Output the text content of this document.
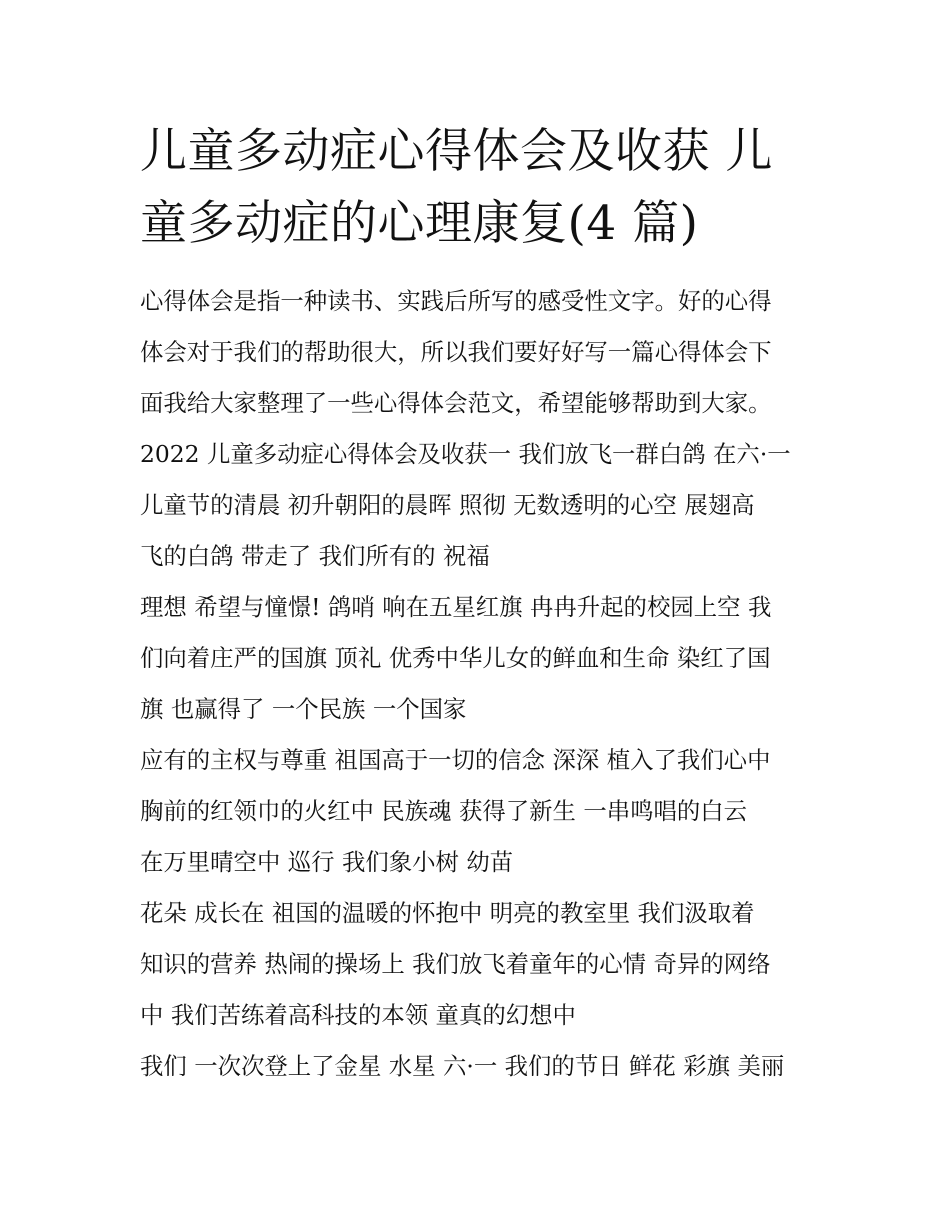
儿童多动症心得体会及收获 儿
童多动症的心理康复(4 篇)
心得体会是指一种读书、实践后所写的感受性文字。好的心得
体会对于我们的帮助很大，所以我们要好好写一篇心得体会下
面我给大家整理了一些心得体会范文，希望能够帮助到大家。
2022 儿童多动症心得体会及收获一 我们放飞一群白鸽 在六·一
儿童节的清晨 初升朝阳的晨晖 照彻 无数透明的心空 展翅高
飞的白鸽 带走了 我们所有的 祝福
理想 希望与憧憬! 鸽哨 响在五星红旗 冉冉升起的校园上空 我
们向着庄严的国旗 顶礼 优秀中华儿女的鲜血和生命 染红了国
旗 也赢得了 一个民族 一个国家
应有的主权与尊重 祖国高于一切的信念 深深 植入了我们心中
胸前的红领巾的火红中 民族魂 获得了新生 一串鸣唱的白云
在万里晴空中 巡行 我们象小树 幼苗
花朵 成长在 祖国的温暖的怀抱中 明亮的教室里 我们汲取着
知识的营养 热闹的操场上 我们放飞着童年的心情 奇异的网络
中 我们苦练着高科技的本领 童真的幻想中
我们 一次次登上了金星 水星 六·一 我们的节日 鲜花 彩旗 美丽
